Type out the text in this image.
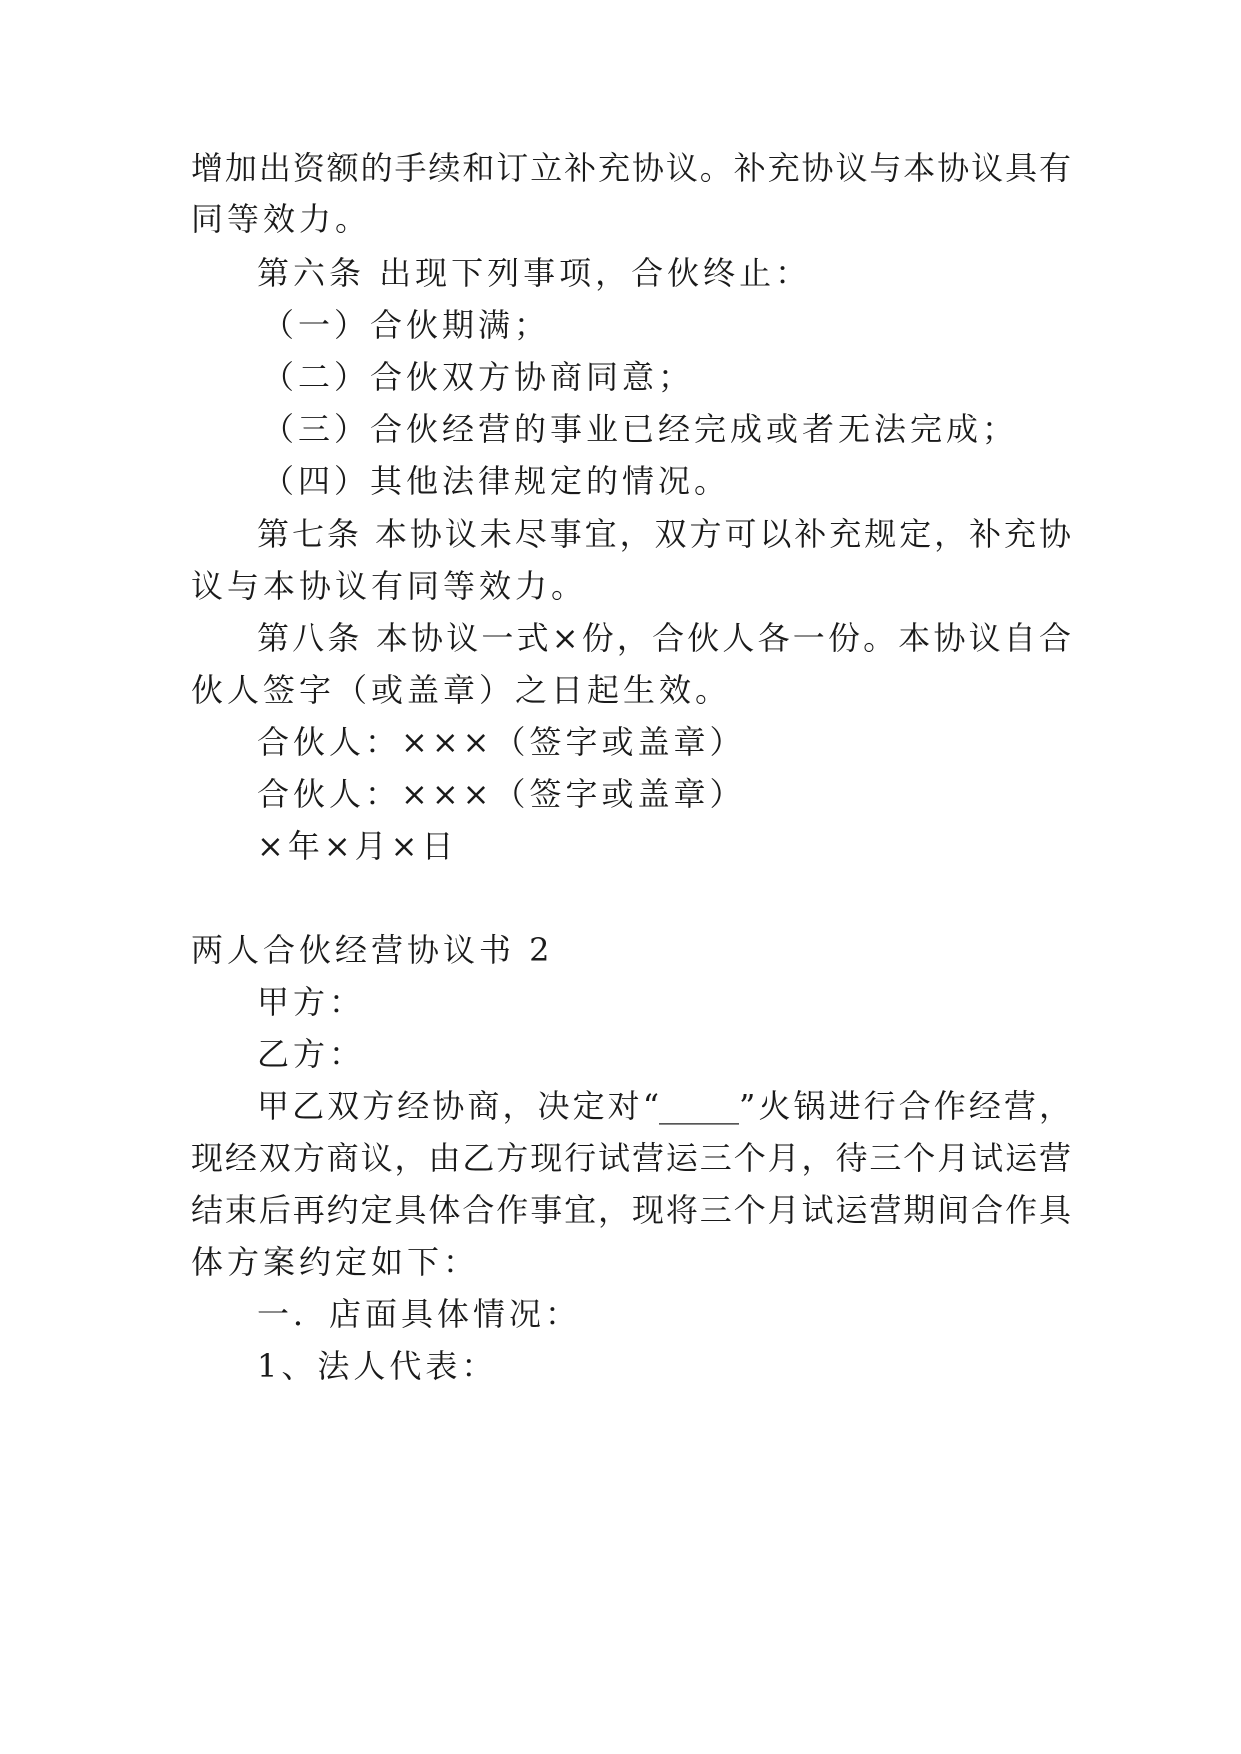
增加出资额的手续和订立补充协议。补充协议与本协议具有
同等效力。
第六条 出现下列事项，合伙终止：
（一）合伙期满；
（二）合伙双方协商同意；
（三）合伙经营的事业已经完成或者无法完成；
（四）其他法律规定的情况。
第七条 本协议未尽事宜，双方可以补充规定，补充协
议与本协议有同等效力。
第八条 本协议一式×份，合伙人各一份。本协议自合
伙人签字（或盖章）之日起生效。
合伙人：×××（签字或盖章）
合伙人：×××（签字或盖章）
×年×月×日
两人合伙经营协议书 2
甲方：
乙方：
甲乙双方经协商，决定对“_____”火锅进行合作经营，
现经双方商议，由乙方现行试营运三个月，待三个月试运营
结束后再约定具体合作事宜，现将三个月试运营期间合作具
体方案约定如下：
一．店面具体情况：
1、法人代表：
